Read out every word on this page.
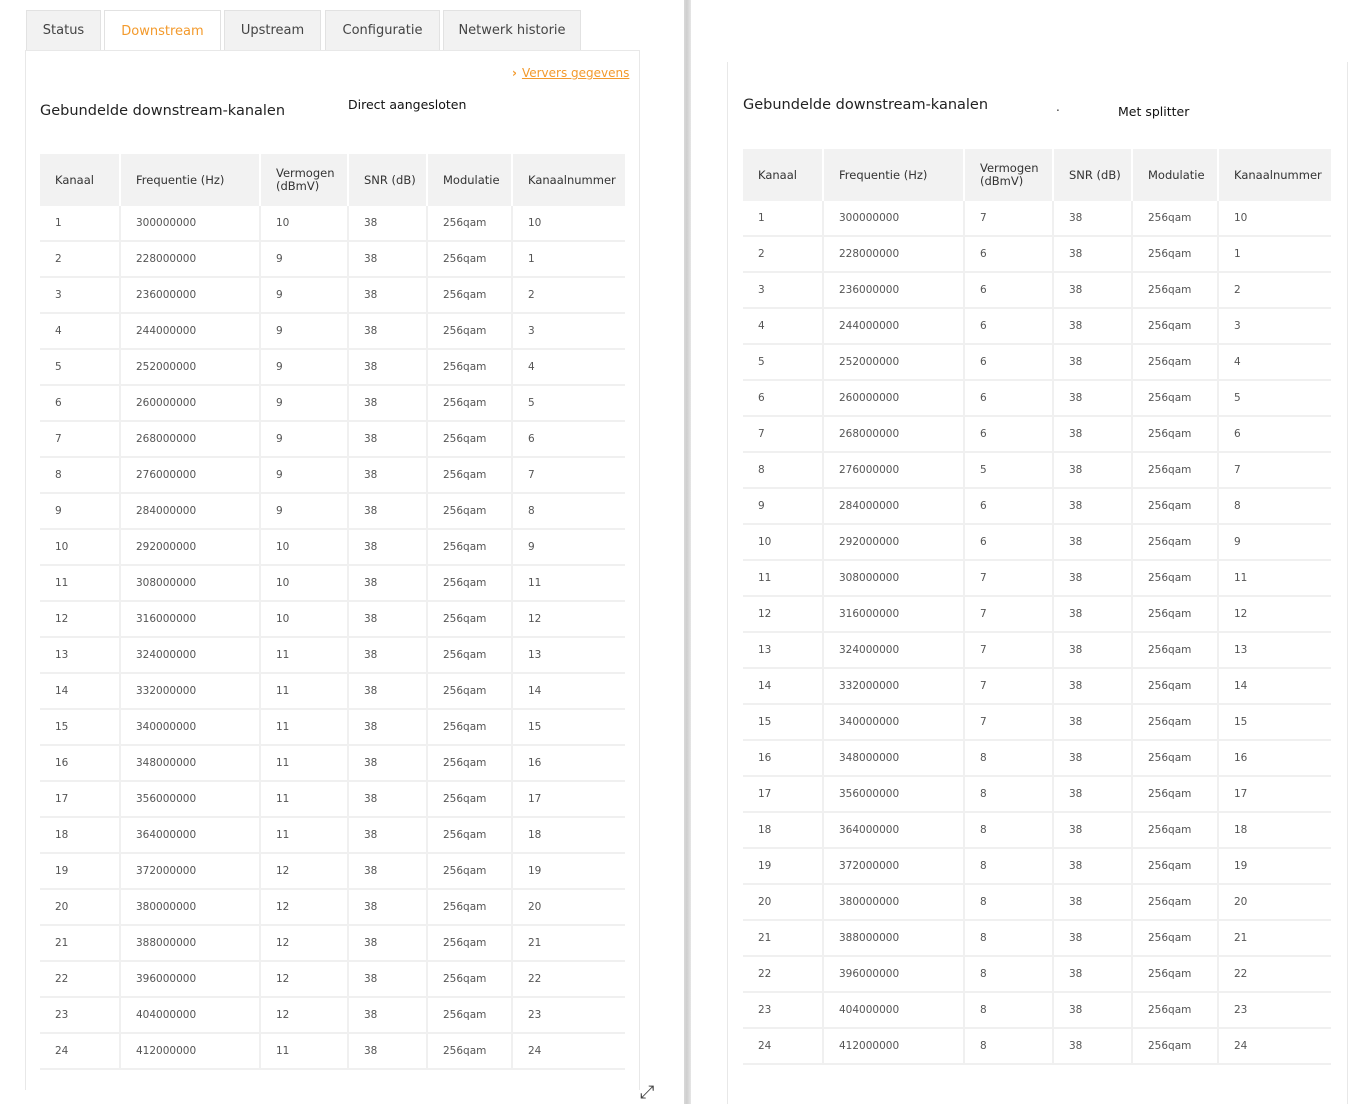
Status	Downstream	Upstream	Configuratie	Netwerk historie
› Ververs gegevens
Gebundelde downstream-kanalen	Direct aangesloten	Gebundelde downstream-kanalen	.	Met splitter
Kanaal	Frequentie (Hz)	Vermogen (dBmV)	SNR (dB)	Modulatie	Kanaalnummer
1	300000000	10	38	256qam	10
2	228000000	9	38	256qam	1
3	236000000	9	38	256qam	2
4	244000000	9	38	256qam	3
5	252000000	9	38	256qam	4
6	260000000	9	38	256qam	5
7	268000000	9	38	256qam	6
8	276000000	9	38	256qam	7
9	284000000	9	38	256qam	8
10	292000000	10	38	256qam	9
11	308000000	10	38	256qam	11
12	316000000	10	38	256qam	12
13	324000000	11	38	256qam	13
14	332000000	11	38	256qam	14
15	340000000	11	38	256qam	15
16	348000000	11	38	256qam	16
17	356000000	11	38	256qam	17
18	364000000	11	38	256qam	18
19	372000000	12	38	256qam	19
20	380000000	12	38	256qam	20
21	388000000	12	38	256qam	21
22	396000000	12	38	256qam	22
23	404000000	12	38	256qam	23
24	412000000	11	38	256qam	24
Kanaal	Frequentie (Hz)	Vermogen (dBmV)	SNR (dB)	Modulatie	Kanaalnummer
1	300000000	7	38	256qam	10
2	228000000	6	38	256qam	1
3	236000000	6	38	256qam	2
4	244000000	6	38	256qam	3
5	252000000	6	38	256qam	4
6	260000000	6	38	256qam	5
7	268000000	6	38	256qam	6
8	276000000	5	38	256qam	7
9	284000000	6	38	256qam	8
10	292000000	6	38	256qam	9
11	308000000	7	38	256qam	11
12	316000000	7	38	256qam	12
13	324000000	7	38	256qam	13
14	332000000	7	38	256qam	14
15	340000000	7	38	256qam	15
16	348000000	8	38	256qam	16
17	356000000	8	38	256qam	17
18	364000000	8	38	256qam	18
19	372000000	8	38	256qam	19
20	380000000	8	38	256qam	20
21	388000000	8	38	256qam	21
22	396000000	8	38	256qam	22
23	404000000	8	38	256qam	23
24	412000000	8	38	256qam	24
⤢
